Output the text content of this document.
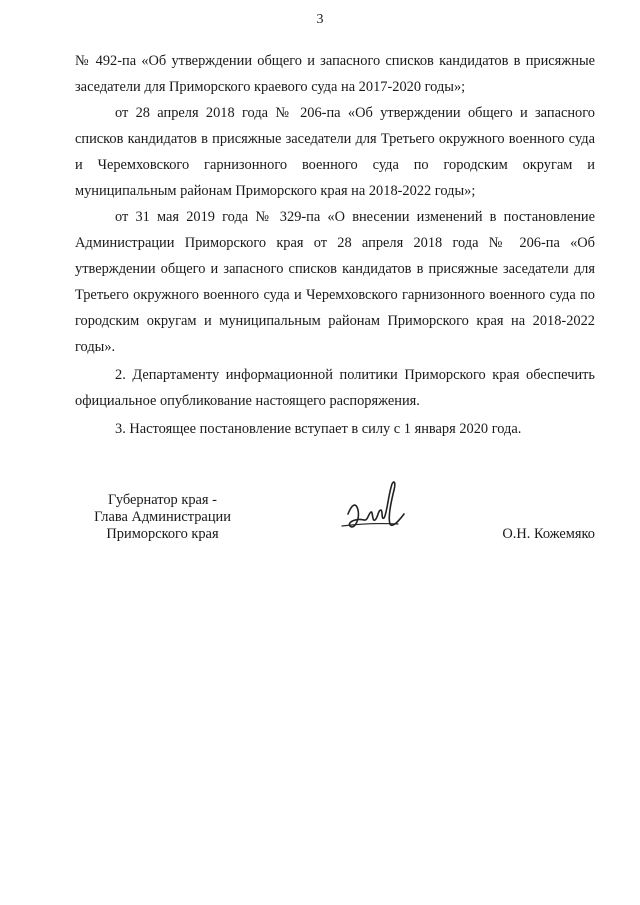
3

№ 492-па «Об утверждении общего и запасного списков кандидатов в присяжные заседатели для Приморского краевого суда на 2017-2020 годы»;

от 28 апреля 2018 года № 206-па «Об утверждении общего и запасного списков кандидатов в присяжные заседатели для Третьего окружного военного суда и Черемховского гарнизонного военного суда по городским округам и муниципальным районам Приморского края на 2018-2022 годы»;

от 31 мая 2019 года № 329-па «О внесении изменений в постановление Администрации Приморского края от 28 апреля 2018 года № 206-па «Об утверждении общего и запасного списков кандидатов в присяжные заседатели для Третьего окружного военного суда и Черемховского гарнизонного военного суда по городским округам и муниципальным районам Приморского края на 2018-2022 годы».

2. Департаменту информационной политики Приморского края обеспечить официальное опубликование настоящего распоряжения.

3. Настоящее постановление вступает в силу с 1 января 2020 года.

Губернатор края -
Глава Администрации
Приморского края	О.Н. Кожемяко
